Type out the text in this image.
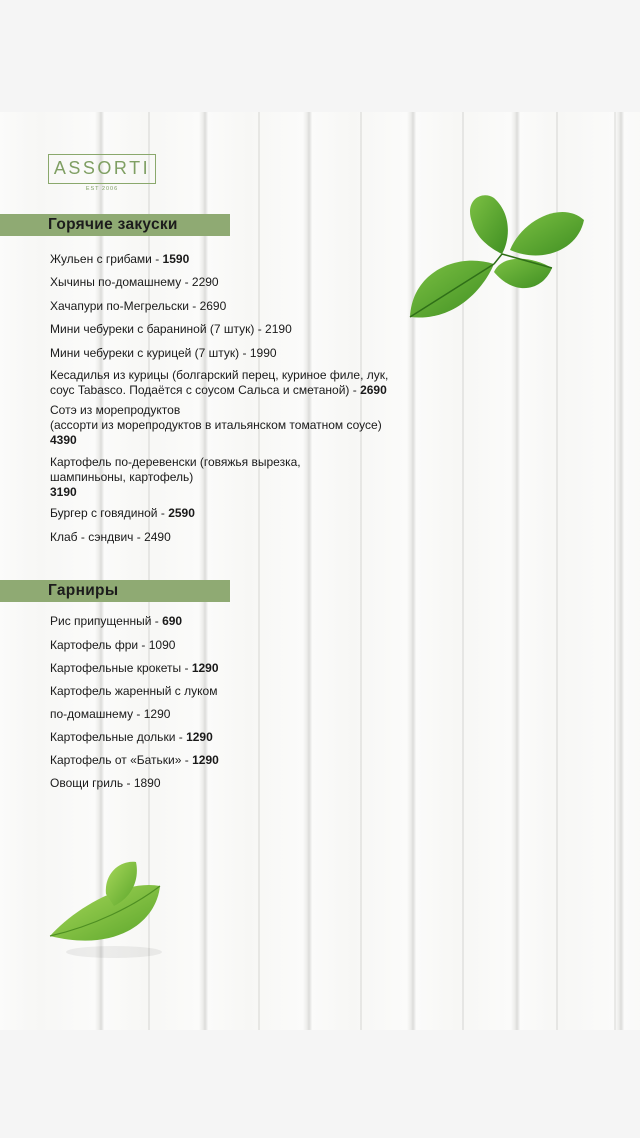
ASSORTI
EST 2006
Горячие закуски
Жульен с грибами - 1590
Хычины по-домашнему - 2290
Хачапури по-Мегрельски - 2690
Мини чебуреки с бараниной (7 штук) - 2190
Мини чебуреки с курицей (7 штук) - 1990
Кесадилья из курицы (болгарский перец, куриное филе, лук,
соус Tabasco. Подаётся с соусом Сальса и сметаной) - 2690
Сотэ из морепродуктов
(ассорти из морепродуктов в итальянском томатном соусе)
4390
Картофель по-деревенски (говяжья вырезка,
шампиньоны, картофель)
3190
Бургер с говядиной - 2590
Клаб - сэндвич - 2490
Гарниры
Рис припущенный - 690
Картофель фри - 1090
Картофельные крокеты - 1290
Картофель жаренный с луком
по-домашнему - 1290
Картофельные дольки - 1290
Картофель от «Батьки» - 1290
Овощи гриль - 1890
